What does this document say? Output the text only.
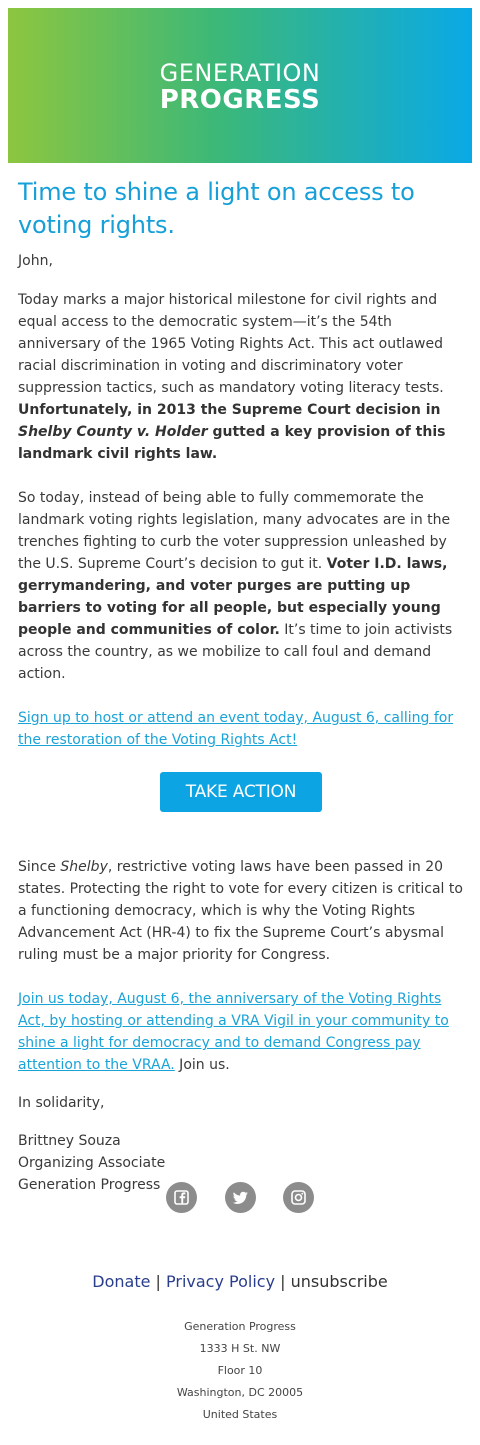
GENERATION
PROGRESS
Time to shine a light on access to voting rights.

John,

Today marks a major historical milestone for civil rights and equal access to the democratic system—it’s the 54th anniversary of the 1965 Voting Rights Act. This act outlawed racial discrimination in voting and discriminatory voter suppression tactics, such as mandatory voting literacy tests. Unfortunately, in 2013 the Supreme Court decision in Shelby County v. Holder gutted a key provision of this landmark civil rights law.

So today, instead of being able to fully commemorate the landmark voting rights legislation, many advocates are in the trenches fighting to curb the voter suppression unleashed by the U.S. Supreme Court’s decision to gut it. Voter I.D. laws, gerrymandering, and voter purges are putting up barriers to voting for all people, but especially young people and communities of color. It’s time to join activists across the country, as we mobilize to call foul and demand action.

Sign up to host or attend an event today, August 6, calling for the restoration of the Voting Rights Act!

TAKE ACTION

Since Shelby, restrictive voting laws have been passed in 20 states. Protecting the right to vote for every citizen is critical to a functioning democracy, which is why the Voting Rights Advancement Act (HR-4) to fix the Supreme Court’s abysmal ruling must be a major priority for Congress.

Join us today, August 6, the anniversary of the Voting Rights Act, by hosting or attending a VRA Vigil in your community to shine a light for democracy and to demand Congress pay attention to the VRAA. Join us.

In solidarity,

Brittney Souza

Organizing Associate

Generation Progress

Donate | Privacy Policy | unsubscribe
Generation Progress
1333 H St. NW
Floor 10
Washington, DC 20005
United States
